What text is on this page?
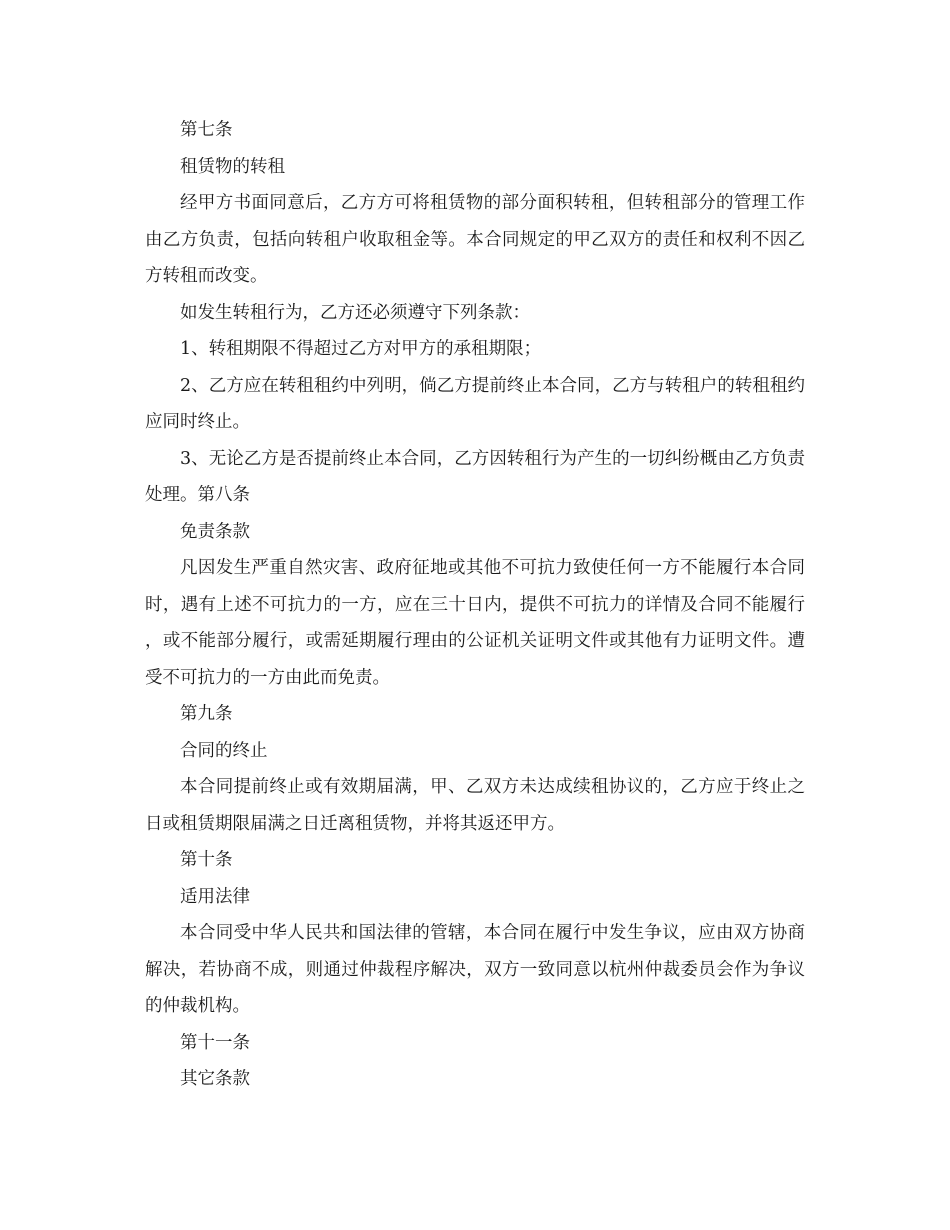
第七条

租赁物的转租

经甲方书面同意后，乙方方可将租赁物的部分面积转租，但转租部分的管理工作由乙方负责，包括向转租户收取租金等。本合同规定的甲乙双方的责任和权利不因乙方转租而改变。

如发生转租行为，乙方还必须遵守下列条款：

1、转租期限不得超过乙方对甲方的承租期限；

2、乙方应在转租租约中列明，倘乙方提前终止本合同，乙方与转租户的转租租约应同时终止。

3、无论乙方是否提前终止本合同，乙方因转租行为产生的一切纠纷概由乙方负责处理。第八条

免责条款

凡因发生严重自然灾害、政府征地或其他不可抗力致使任何一方不能履行本合同时，遇有上述不可抗力的一方，应在三十日内，提供不可抗力的详情及合同不能履行，或不能部分履行，或需延期履行理由的公证机关证明文件或其他有力证明文件。遭受不可抗力的一方由此而免责。

第九条

合同的终止

本合同提前终止或有效期届满，甲、乙双方未达成续租协议的，乙方应于终止之日或租赁期限届满之日迁离租赁物，并将其返还甲方。

第十条

适用法律

本合同受中华人民共和国法律的管辖，本合同在履行中发生争议，应由双方协商解决，若协商不成，则通过仲裁程序解决，双方一致同意以杭州仲裁委员会作为争议的仲裁机构。

第十一条

其它条款
